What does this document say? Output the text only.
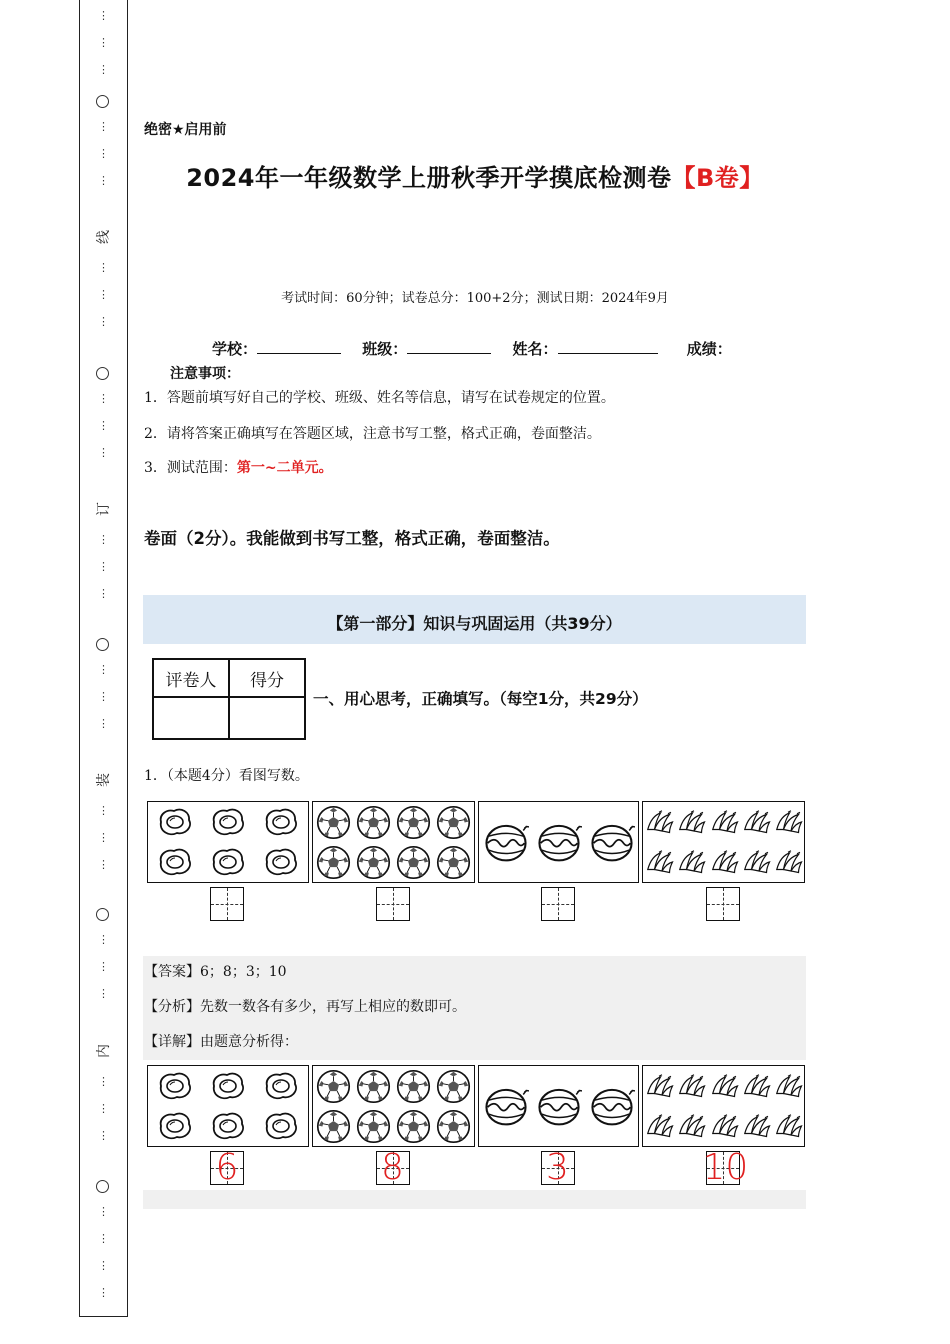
⋮
⋮
⋮
⋮
⋮
⋮
⋮
⋮
⋮
⋮
⋮
⋮
⋮
⋮
⋮
⋮
⋮
⋮
⋮
⋮
⋮
⋮
⋮
⋮
⋮
⋮
⋮
⋮
⋮
⋮
⋮
线
订
装
内
绝密★启用前
2024年一年级数学上册秋季开学摸底检测卷【B卷】
考试时间：60分钟；试卷总分：100+2分；测试日期：2024年9月
学校：	班级：	姓名：	成绩：
注意事项：
1．答题前填写好自己的学校、班级、姓名等信息，请写在试卷规定的位置。
2．请将答案正确填写在答题区域，注意书写工整，格式正确，卷面整洁。
3．测试范围：第一~二单元。
卷面（2分）。我能做到书写工整，格式正确，卷面整洁。
【第一部分】知识与巩固运用（共39分）
评卷人	得分

一、用心思考，正确填写。（每空1分，共29分）
1．（本题4分）看图写数。
【答案】6；8；3；10
【分析】先数一数各有多少，再写上相应的数即可。
【详解】由题意分析得：
6	8	3	10
